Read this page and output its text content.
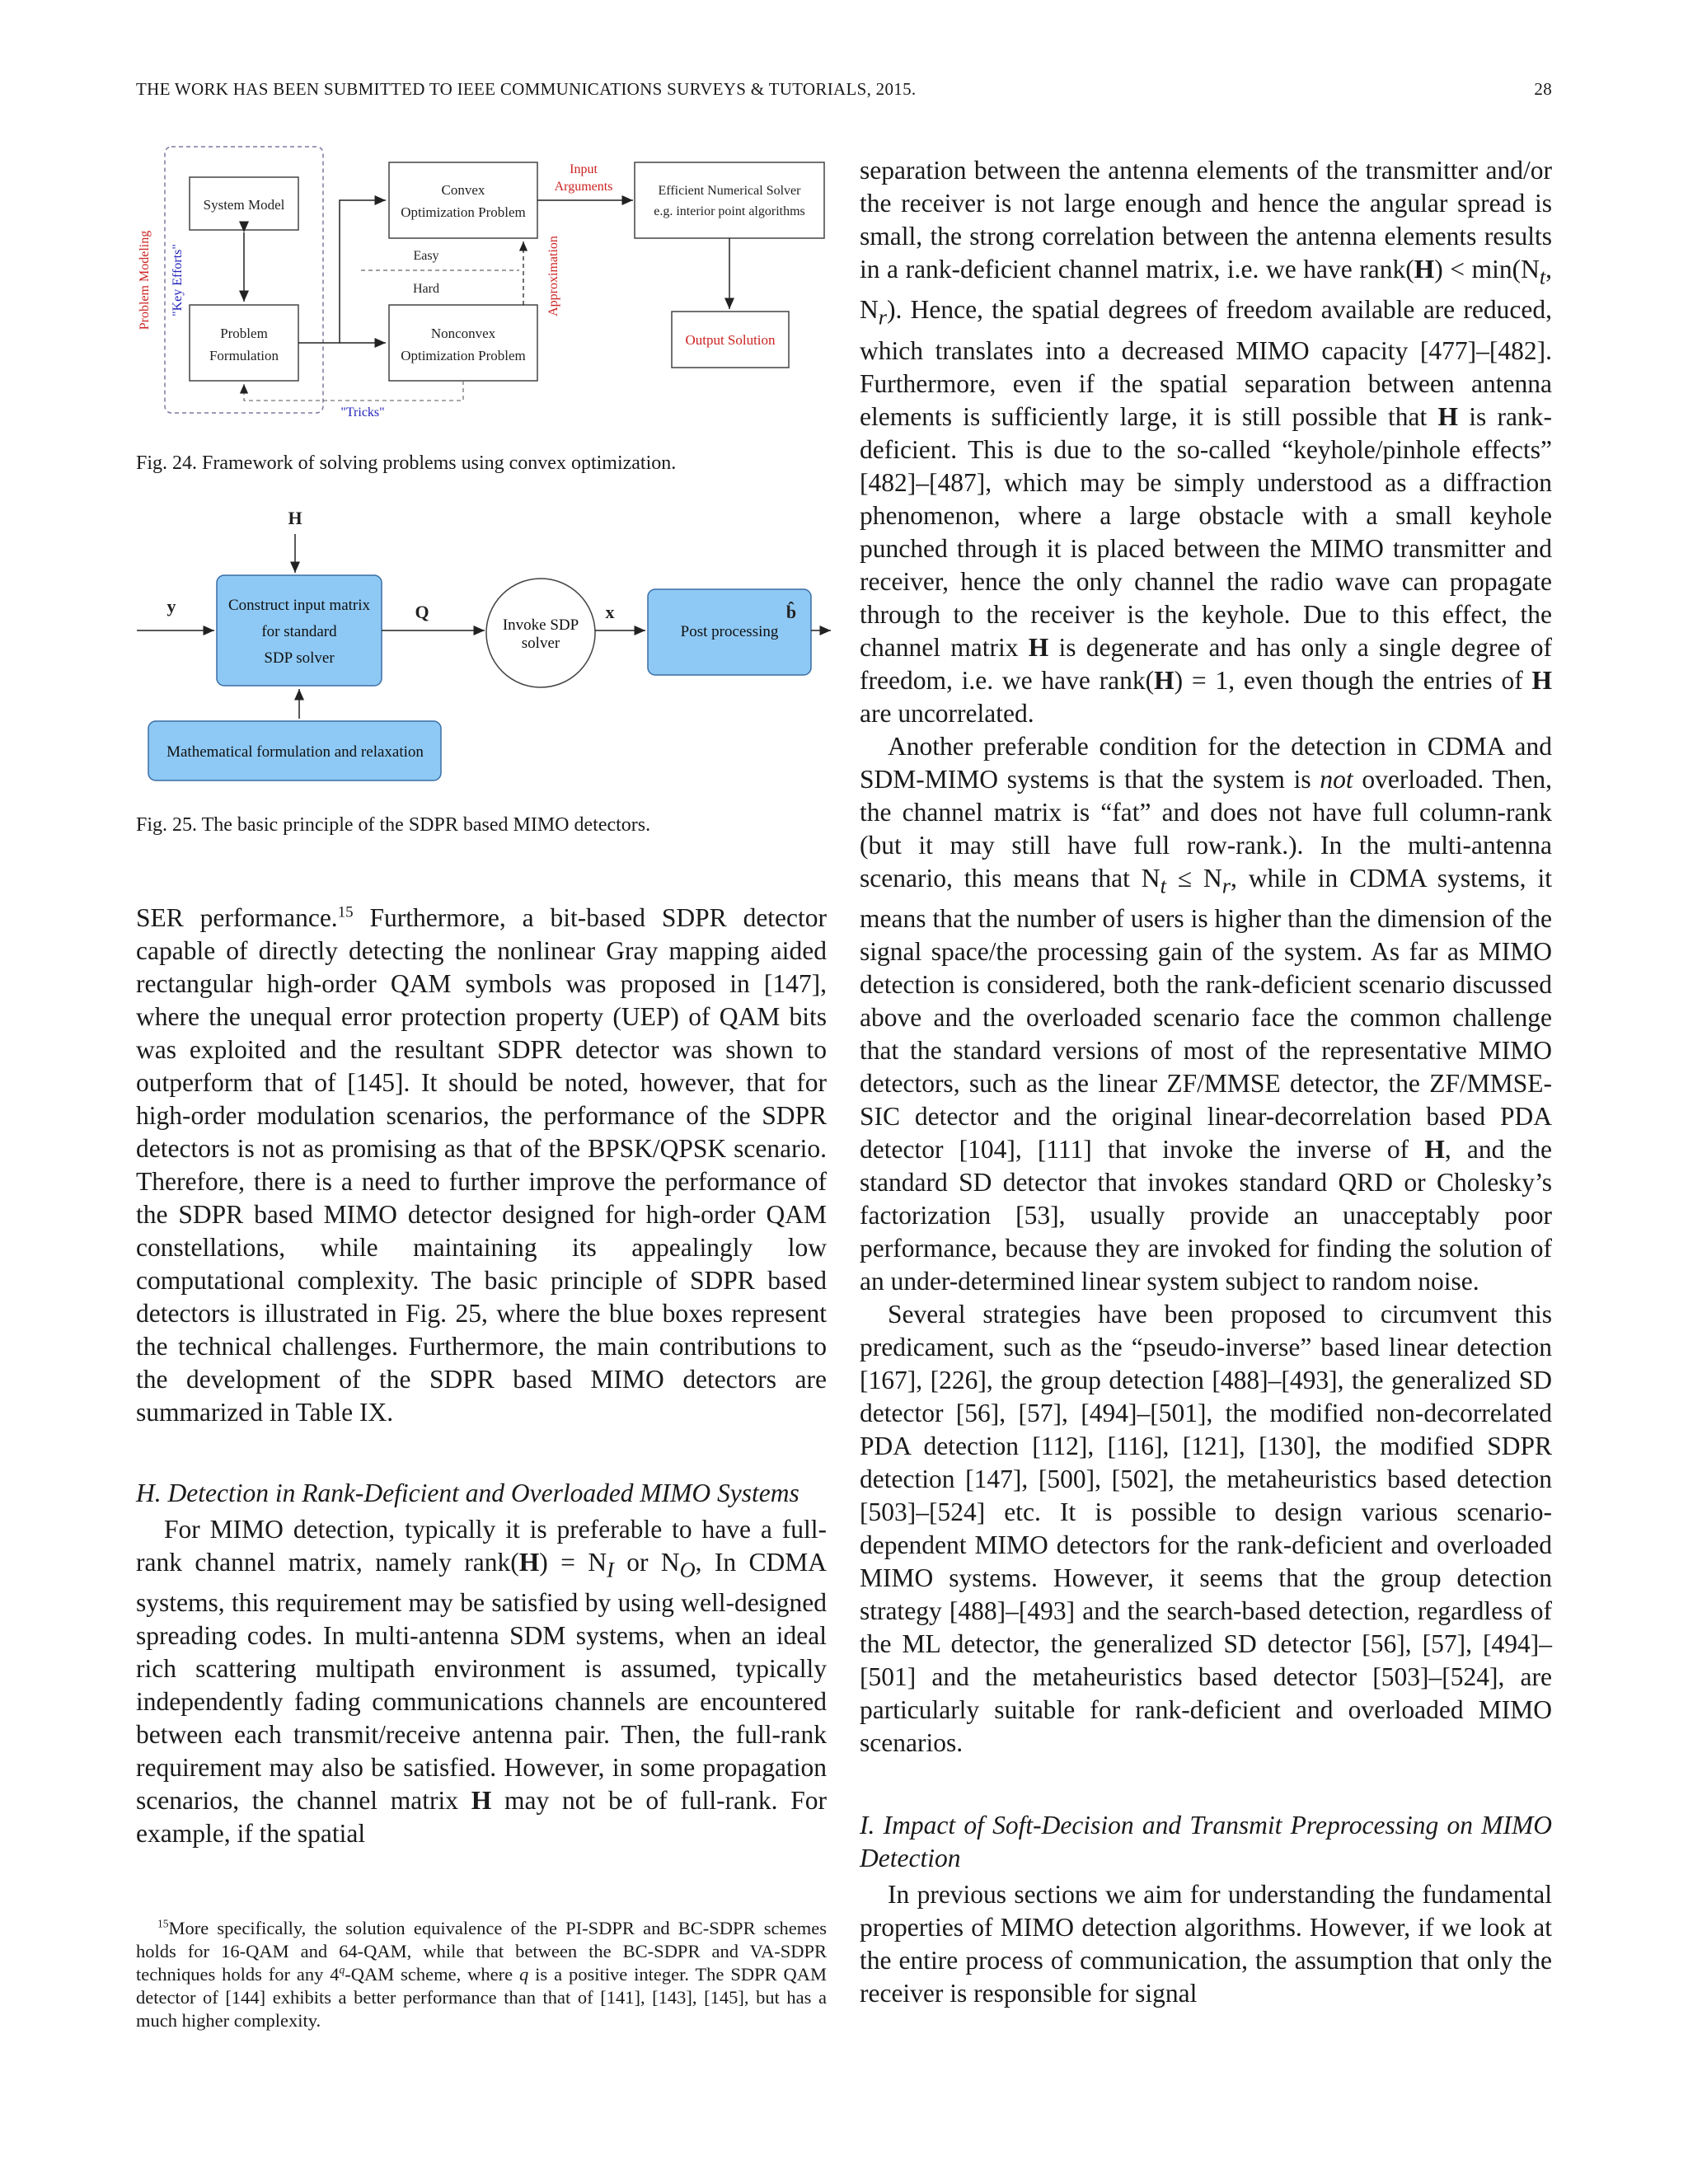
THE WORK HAS BEEN SUBMITTED TO IEEE COMMUNICATIONS SURVEYS & TUTORIALS, 2015.	28
System Model
Problem
Formulation
Convex
Optimization Problem
Nonconvex
Optimization Problem
Easy
Hard	Approximation
Input
Arguments	Efficient Numerical Solver
e.g. interior point algorithms
Output Solution
"Tricks"
Problem Modeling "Key Efforts"
Fig. 24. Framework of solving problems using convex optimization.
H
y	Construct input matrix
for standard
SDP solver
Q
Invoke SDP
solver
x
Post processing
b̂
Mathematical formulation and relaxation
Fig. 25. The basic principle of the SDPR based MIMO detectors.

SER performance.$^{15}$ Furthermore, a bit-based SDPR detector capable of directly detecting the nonlinear Gray mapping aided rectangular high-order QAM symbols was proposed in [147], where the unequal error protection property (UEP) of QAM bits was exploited and the resultant SDPR detector was shown to outperform that of [145]. It should be noted, however, that for high-order modulation scenarios, the performance of the SDPR detectors is not as promising as that of the BPSK/QPSK scenario. Therefore, there is a need to further improve the performance of the SDPR based MIMO detector designed for high-order QAM constellations, while maintaining its appealingly low computational complexity. The basic principle of SDPR based detectors is illustrated in Fig. 25, where the blue boxes represent the technical challenges. Furthermore, the main contributions to the development of the SDPR based MIMO detectors are summarized in Table IX.

H. Detection in Rank-Deficient and Overloaded MIMO Systems

For MIMO detection, typically it is preferable to have a full-rank channel matrix, namely rank(H) = $N_I$ or $N_O$, In CDMA systems, this requirement may be satisfied by using well-designed spreading codes. In multi-antenna SDM systems, when an ideal rich scattering multipath environment is assumed, typically independently fading communications channels are encountered between each transmit/receive antenna pair. Then, the full-rank requirement may also be satisfied. However, in some propagation scenarios, the channel matrix H may not be of full-rank. For example, if the spatial

$^{15}$More specifically, the solution equivalence of the PI-SDPR and BC-SDPR schemes holds for 16-QAM and 64-QAM, while that between the BC-SDPR and VA-SDPR techniques holds for any 4$^q$-QAM scheme, where q is a positive integer. The SDPR QAM detector of [144] exhibits a better performance than that of [141], [143], [145], but has a much higher complexity.

separation between the antenna elements of the transmitter and/or the receiver is not large enough and hence the angular spread is small, the strong correlation between the antenna elements results in a rank-deficient channel matrix, i.e. we have rank(H) < $\min(N_t$, $N_r$). Hence, the spatial degrees of freedom available are reduced, which translates into a decreased MIMO capacity [477]–[482]. Furthermore, even if the spatial separation between antenna elements is sufficiently large, it is still possible that H is rank-deficient. This is due to the so-called “keyhole/pinhole effects” [482]–[487], which may be simply understood as a diffraction phenomenon, where a large obstacle with a small keyhole punched through it is placed between the MIMO transmitter and receiver, hence the only channel the radio wave can propagate through to the receiver is the keyhole. Due to this effect, the channel matrix H is degenerate and has only a single degree of freedom, i.e. we have rank(H) = 1, even though the entries of H are uncorrelated.

Another preferable condition for the detection in CDMA and SDM-MIMO systems is that the system is not overloaded. Then, the channel matrix is “fat” and does not have full column-rank (but it may still have full row-rank.). In the multi-antenna scenario, this means that $N_t \le N_r$, while in CDMA systems, it means that the number of users is higher than the dimension of the signal space/the processing gain of the system. As far as MIMO detection is considered, both the rank-deficient scenario discussed above and the overloaded scenario face the common challenge that the standard versions of most of the representative MIMO detectors, such as the linear ZF/MMSE detector, the ZF/MMSE-SIC detector and the original linear-decorrelation based PDA detector [104], [111] that invoke the inverse of H, and the standard SD detector that invokes standard QRD or Cholesky’s factorization [53], usually provide an unacceptably poor performance, because they are invoked for finding the solution of an under-determined linear system subject to random noise.

Several strategies have been proposed to circumvent this predicament, such as the “pseudo-inverse” based linear detection [167], [226], the group detection [488]–[493], the generalized SD detector [56], [57], [494]–[501], the modified non-decorrelated PDA detection [112], [116], [121], [130], the modified SDPR detection [147], [500], [502], the metaheuristics based detection [503]–[524] etc. It is possible to design various scenario-dependent MIMO detectors for the rank-deficient and overloaded MIMO systems. However, it seems that the group detection strategy [488]–[493] and the search-based detection, regardless of the ML detector, the generalized SD detector [56], [57], [494]–[501] and the metaheuristics based detector [503]–[524], are particularly suitable for rank-deficient and overloaded MIMO scenarios.

I. Impact of Soft-Decision and Transmit Preprocessing on MIMO Detection

In previous sections we aim for understanding the fundamental properties of MIMO detection algorithms. However, if we look at the entire process of communication, the assumption that only the receiver is responsible for signal
